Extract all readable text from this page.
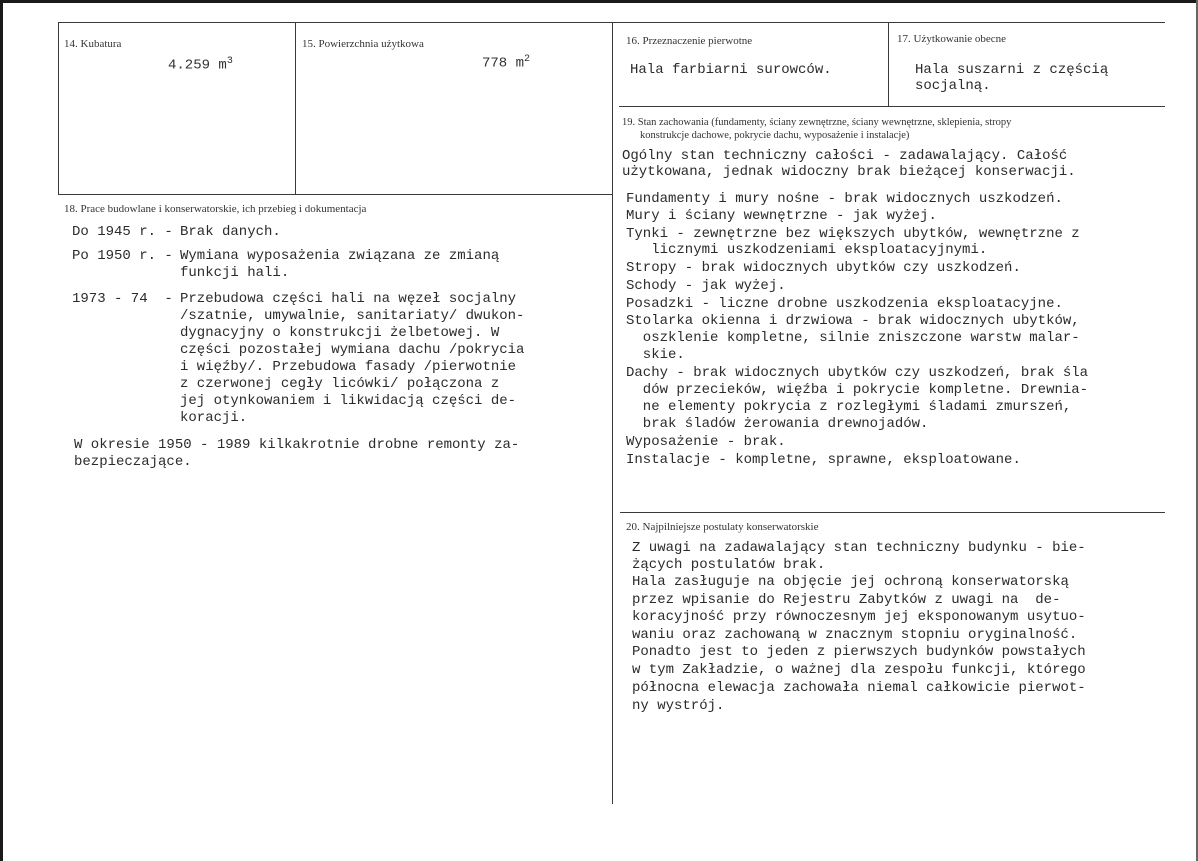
14. Kubatura
4.259 $m^3$
15. Powierzchnia użytkowa
778 $m^2$
16. Przeznaczenie pierwotne
Hala farbiarni surowców.
17. Użytkowanie obecne
Hala suszarni z częścią
socjalną.
19. Stan zachowania (fundamenty, ściany zewnętrzne, ściany wewnętrzne, sklepienia, stropy
konstrukcje dachowe, pokrycie dachu, wyposażenie i instalacje)
Ogólny stan techniczny całości - zadawalający. Całość
użytkowana, jednak widoczny brak bieżącej konserwacji.
Fundamenty i mury nośne - brak widocznych uszkodzeń.
Mury i ściany wewnętrzne - jak wyżej.
Tynki - zewnętrzne bez większych ubytków, wewnętrzne z
licznymi uszkodzeniami eksploatacyjnymi.
Stropy - brak widocznych ubytków czy uszkodzeń.
Schody - jak wyżej.
Posadzki - liczne drobne uszkodzenia eksploatacyjne.
Stolarka okienna i drzwiowa - brak widocznych ubytków,
oszklenie kompletne, silnie zniszczone warstw malar-
skie.
Dachy - brak widocznych ubytków czy uszkodzeń, brak śla
dów przecieków, więźba i pokrycie kompletne. Drewnia-
ne elementy pokrycia z rozległymi śladami zmurszeń,
brak śladów żerowania drewnojadów.
Wyposażenie - brak.
Instalacje - kompletne, sprawne, eksploatowane.
18. Prace budowlane i konserwatorskie, ich przebieg i dokumentacja
Do 1945 r. - Brak danych.
Po 1950 r. - Wymiana wyposażenia związana ze zmianą
funkcji hali.
1973 - 74  - Przebudowa części hali na węzeł socjalny
/szatnie, umywalnie, sanitariaty/ dwukon-
dygnacyjny o konstrukcji żelbetowej. W
części pozostałej wymiana dachu /pokrycia
i więźby/. Przebudowa fasady /pierwotnie
z czerwonej cegły licówki/ połączona z
jej otynkowaniem i likwidacją części de-
koracji.
W okresie 1950 - 1989 kilkakrotnie drobne remonty za-
bezpieczające.
20. Najpilniejsze postulaty konserwatorskie
Z uwagi na zadawalający stan techniczny budynku - bie-
żących postulatów brak.
Hala zasługuje na objęcie jej ochroną konserwatorską
przez wpisanie do Rejestru Zabytków z uwagi na  de-
koracyjność przy równoczesnym jej eksponowanym usytuo-
waniu oraz zachowaną w znacznym stopniu oryginalność.
Ponadto jest to jeden z pierwszych budynków powstałych
w tym Zakładzie, o ważnej dla zespołu funkcji, którego
północna elewacja zachowała niemal całkowicie pierwot-
ny wystrój.
